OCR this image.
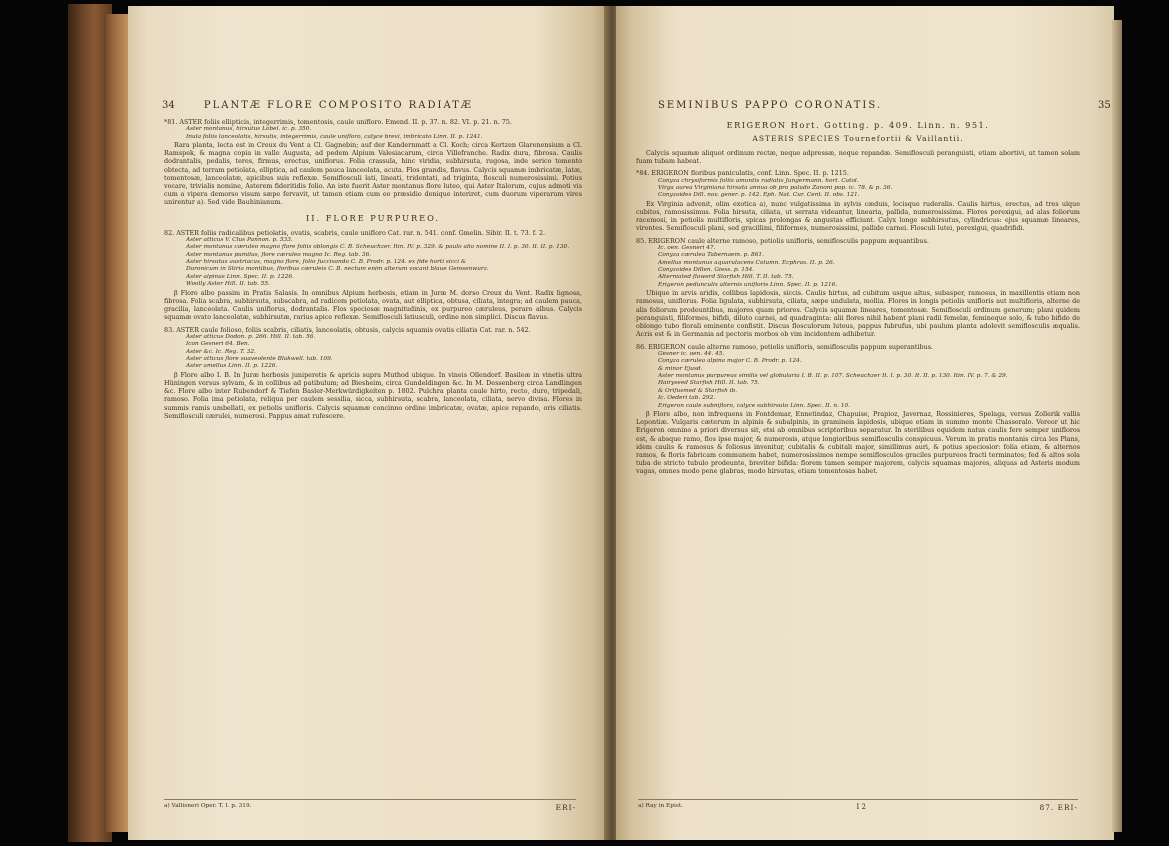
34	PLANTÆ FLORE COMPOSITO RADIATÆ

*81. ASTER foliis ellipticis, integerrimis, tomentosis, caule unifloro. Emend. II. p. 37. n. 82. VI. p. 21. n. 75.

Aster montanus, hirsutus Lobel. ic. p. 350.

Inula foliis lanceolatis, hirsutis, integerrimis, caule unifloro, calyce brevi, imbricato Linn. II. p. 1241.

Rara planta, lecta est in Creux du Vent a Cl. Gagnebin; auf der Kandernmatt a Cl. Koch; circa Kertzen Glarenensium a Cl. Ramspek, & magna copia in valle Augusta, ad pedem Alpium Valesiacarum, circa Villefranche. Radix dura, fibrosa. Caulis dodrantalis, pedalis, teres, firmus, erectus, uniflorus. Folia crassula, hinc viridia, subhirsuta, rugosa, inde serico tomento obtecta, ad terram petiolata, elliptica, ad caulem pauca lanceolata, acuta. Flos grandis, flavus. Calycis squamæ imbricatæ, latæ, tomentosæ, lanceolatæ, apicibus suis reflexæ. Semiflosculi lati, lineati, tridentati, ad triginta, flosculi numerosissimi. Potius vocare, trivialis nomine, Asterem fideritidis folio. An iste fuerit Aster montanus flore luteo, qui Aster Italorum, cujus admoti vis cum a vipera demorso visum sæpe fervavit, ut tamen etiam cum eo præsidio denique interiret, cum duorum viperarum vires unirentur a). Sed vide Bauhinianum.

II. FLORE PURPUREO.

82. ASTER foliis radicalibus petiolatis, ovatis, scabris, caule unifloro Cat. rar. n. 541. conf. Gmelin. Sibir. II. t. 73. f. 2.

Aster atticus V. Clus Pannon. p. 533.

Aster montanus cæruleo magno flore foliis oblongis C. B. Scheuchzer. Itin. IV. p. 329. & paulo alio nomine II. I. p. 30. II. II. p. 130.

Aster montanus pumilus, flore cæruleo magno Ic. Reg. tab. 36.

Aster hirsutus austriacus, magno flore, folio fuccisando C. B. Prodr. p. 124. ex fide horti sicci &

Doronicum in Stiria montibus, floribus cæruleis C. B. nectum enim alterum vocant blaue Gemsenwurz.

Aster alpinus Linn. Spec. II. p. 1226.

Woolly Aster Hill. II. tab. 55.

β Flore albo passim in Pratis Salasis. In omnibus Alpium herbosis, etiam in Juræ M. dorso Creux du Vent. Radix lignosa, fibrosa. Folia scabra, subhirsuta, subscabra, ad radicem petiolata, ovata, aut elliptica, obtusa, ciliata, integra; ad caulem pauca, gracilia, lanceolata. Caulis uniflorus, dodrantalis. Flos speciosæ magnitudinis, ex purpureo cæruleus, peraro albus. Calycis squamæ ovato lanceolatæ, subhirsutæ, rarius apice reflexæ. Semiflosculi latiusculi, ordine non simplici. Discus flavus.

83. ASTER caule folioso, foliis scabris, ciliatis, lanceolatis, obtusis, calycis squamis ovatis ciliatis Cat. rar. n. 542.

Aster atticus Dodon. p. 266. Hill. II. tab. 56.

Icon Gesneri 64. Ben.

Aster &c. Ic. Reg. T. 32.

Aster atticus flore suaveolente Blakwell. tab. 109.

Aster amellus Linn. II. p. 1226.

β Flore albo I. B. In Juræ herbosis juniperetis & apricis supra Muthod ubique. In vineis Ollendorf. Basileæ in vinetis ultra Hüningen versus sylvam, & in collibus ad patibulum; ad Biesheim, circa Gundeldingen &c. In M. Dessenberg circa Landlingen &c. Flore albo inter Rubendorf & Tiefen Basler-Merkwürdigkeiten p. 1802. Pulchra planta caule hirto, recto, duro, tripedali, ramoso. Folia ima petiolata, reliqua per caulem sessilia, sicca, subhirsuta, scabra, lanceolata, ciliata, nervo divisa. Flores in summis ramis umbellati, ex petiolis unifloris. Calycis squamæ concinno ordine imbricatæ, ovatæ, apice repando, oris ciliatis. Semiflosculi cærulei, numerosi. Pappus amat rufescere.

a) Vallisneri Oper. T. I. p. 319.	ERI-
SEMINIBUS PAPPO CORONATIS.	35
ERIGERON Hort. Gotting. p. 409. Linn. n. 951.
ASTERIS SPECIES Tournefortii & Vaillantii.

Calycis squamæ aliquot ordinum rectæ, neque adpressæ, neque repandæ. Semiflosculi peranguisti, etiam abortivi, ut tamen solam fuam tubam habeat.

*84. ERIGERON floribus paniculatis, conf. Linn. Spec. II. p. 1215.

Conyza chrysiformis foliis amuntis radiatis Jungermann. hort. Catol.

Virga aurea Virginiana hirsuta annua ob pro paludo Zanoni pop. ic. 78. & p. 36.

Conyzoides Dill. nov. gener. p. 142. Eph. Nat. Cur. Cent. II. obs. 121.

Ex Virginia advenit, olim exotica a), nunc vulgatissima in sylvis cæduis, locisque ruderalis. Caulis hirtus, erectus, ad tres ulque cubitos, ramosissimus. Folia hirsuta, ciliata, ut serrata videantur, linearia, pallida, numerosissima. Flores perexigui, ad alas foliorum racemosi, in petiolis multifloris, spicas prolongas & angustas efficiunt. Calyx longe subhirsutus, cylindricus: ejus squamæ lineares, virentes. Semiflosculi plani, sed gracillimi, filiformes, numerosissimi, pallide carnei. Flosculi lutei, perexigui, quadrifidi.

85. ERIGERON caule alterne ramoso, petiolis unifloris, semiflosculis pappum æquantibus.

Ic. oen. Gesneri 47.

Conyza cærulea Tabernaem. p. 861.

Amellus montanus aquarulacens Column. Ecphras. II. p. 26.

Conyzoides Dillen. Giess. p. 154.

Alterniated flowerd Starfish Hill. T. II. tab. 75.

Erigeron pedunculis alternis unifloris Linn. Spec. II. p. 1216.

Ubique in arvis aridis, collibus lapidosis, siccis. Caulis hirtus, ad cubitum usque altus, subasper, ramosus, in maxillentis etiam non ramosus, uniflorus. Folia ligulata, subhirsuta, ciliata, sæpe undulata, mollia. Flores in longis petiolis unifloris aut multifloris, alterne de alis foliorum prodeuntibus, majores quam priores. Calycis squamæ lineares, tomentosæ. Semiflosculi ordinum generum; plani quidem peranguisti, filiformes, bifidi, diluto carnei, ad quadraginta: alii flores nihil habent plani radii femelæ, femineque solo, & tubo bifido de oblongo tubo florali eminente confistit. Discus flosculorum luteus, pappus fubrufus, ubi paulum planta adolevit semiflosculis æqualis. Acris est & in Germania ad pectoris morbos ob vim incidentem adhibetur.

86. ERIGERON caule alterne ramoso, petiolis unifloris, semiflosculis pappum superantibus.

Gesner ic. oen. 44. 45.

Conyza cærulea alpina major C. B. Prodr. p. 124.

& minor Ejusd.

Aster montanus purpureus similis vel globularia I. B. II. p. 107. Scheuchzer It. I. p. 30. It. II. p. 130. Itin. IV. p. 7. & 29.

Hairyseed Starfish Hill. II. tab. 75.

& Orifusmed & Starfish ib.

Ic. Oederi tab. 292.

Erigeron caule subnifloro, calyce subhirsuto Linn. Spec. II. n. 10.

β Flore albo, non infrequens in Fontdemar, Ennetindaz, Chapuise, Prapioz, Javernaz, Rossinieres, Spelaga, versus Zollerik vallis Lepontiæ. Vulgaris cæterum in alpinis & subalpinis, in gramineis lapidosis, ubique etiam in summo monte Chasseralo. Vereor ut hic Erigeron omnino a priori diversus sit, etsi ab omnibus scriptoribus separatur. In sterilibus equidem natus caulis fere semper unifloros est, & absque ramo, flos ipse major, & numerosis, atque longioribus semiflosculis conspicuus. Verum in pratis montanis circa les Plans, idem caulis & ramosus & foliosus invenitur, cubitalis & cubitali major, simillimus auri, & potius speciosior: folia etiam, & alternos ramos, & floris fabricam communem habet, numerosissimos nempe semiflosculos graciles purpureos fracti terminatos; fed & altos sola tuba de stricto tubulo prodeunte, breviter bifida: florem tamen semper majorem, calycis squamas majores, aliquas ad Asteris modum vagas, omnes modo pene glabras, modo hirsutas, etiam tomentosas habet.

a) Ray in Epist.	I 2	87. ERI-
